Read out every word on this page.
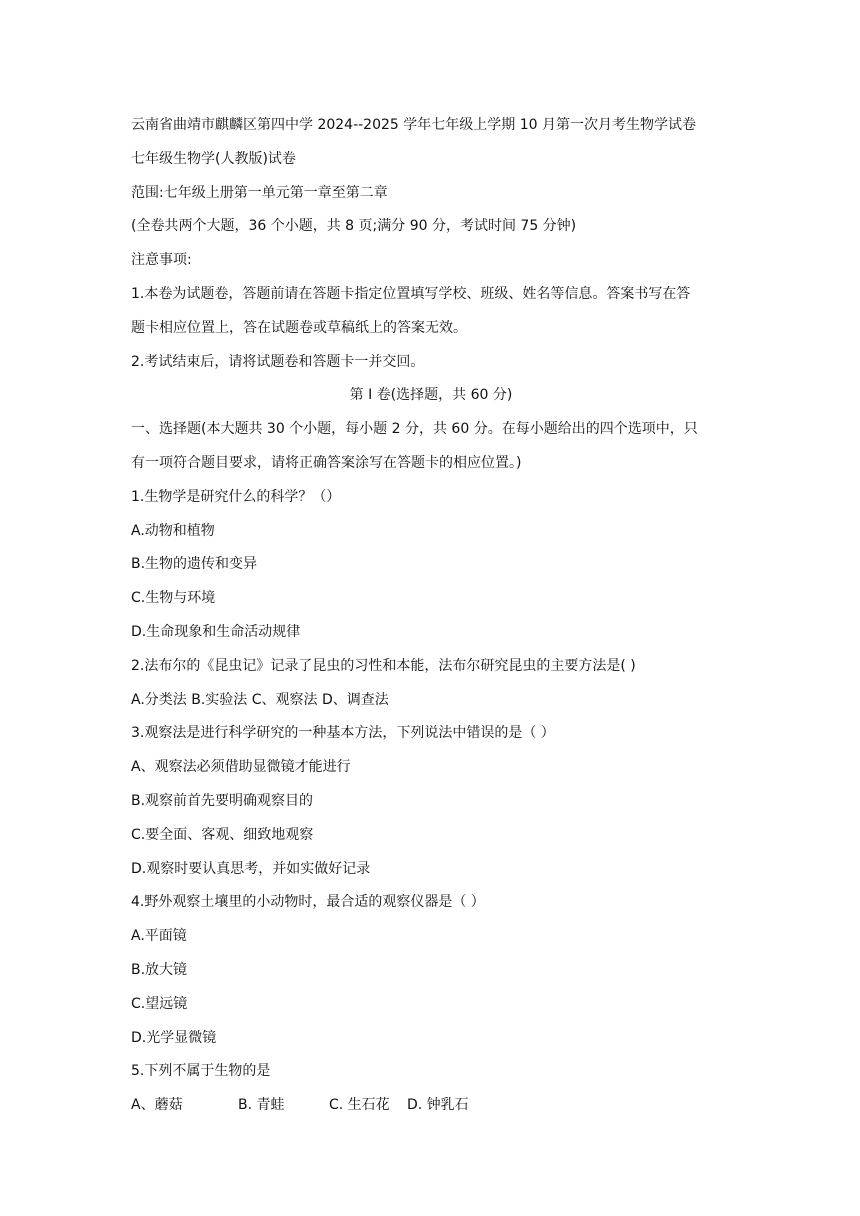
云南省曲靖市麒麟区第四中学 2024--2025 学年七年级上学期 10 月第一次月考生物学试卷
七年级生物学(人教版)试卷
范围:七年级上册第一单元第一章至第二章
(全卷共两个大题，36 个小题，共 8 页;满分 90 分，考试时间 75 分钟)
注意事项:
1.本卷为试题卷，答题前请在答题卡指定位置填写学校、班级、姓名等信息。答案书写在答
题卡相应位置上，答在试题卷或草稿纸上的答案无效。
2.考试结束后，请将试题卷和答题卡一并交回。
第 I 卷(选择题，共 60 分)
一、选择题(本大题共 30 个小题，每小题 2 分，共 60 分。在每小题给出的四个选项中，只
有一项符合题目要求，请将正确答案涂写在答题卡的相应位置。)
1.生物学是研究什么的科学？（）
A.动物和植物
B.生物的遗传和变异
C.生物与环境
D.生命现象和生命活动规律
2.法布尔的《昆虫记》记录了昆虫的习性和本能，法布尔研究昆虫的主要方法是( )
A.分类法 B.实验法 C、观察法 D、调查法
3.观察法是进行科学研究的一种基本方法，下列说法中错误的是（ ）
A、观察法必须借助显微镜才能进行
B.观察前首先要明确观察目的
C.要全面、客观、细致地观察
D.观察时要认真思考，并如实做好记录
4.野外观察土壤里的小动物时，最合适的观察仪器是（ ）
A.平面镜
B.放大镜
C.望远镜
D.光学显微镜
5.下列不属于生物的是
A、蘑菇	B. 青蛙	C. 生石花 D. 钟乳石
